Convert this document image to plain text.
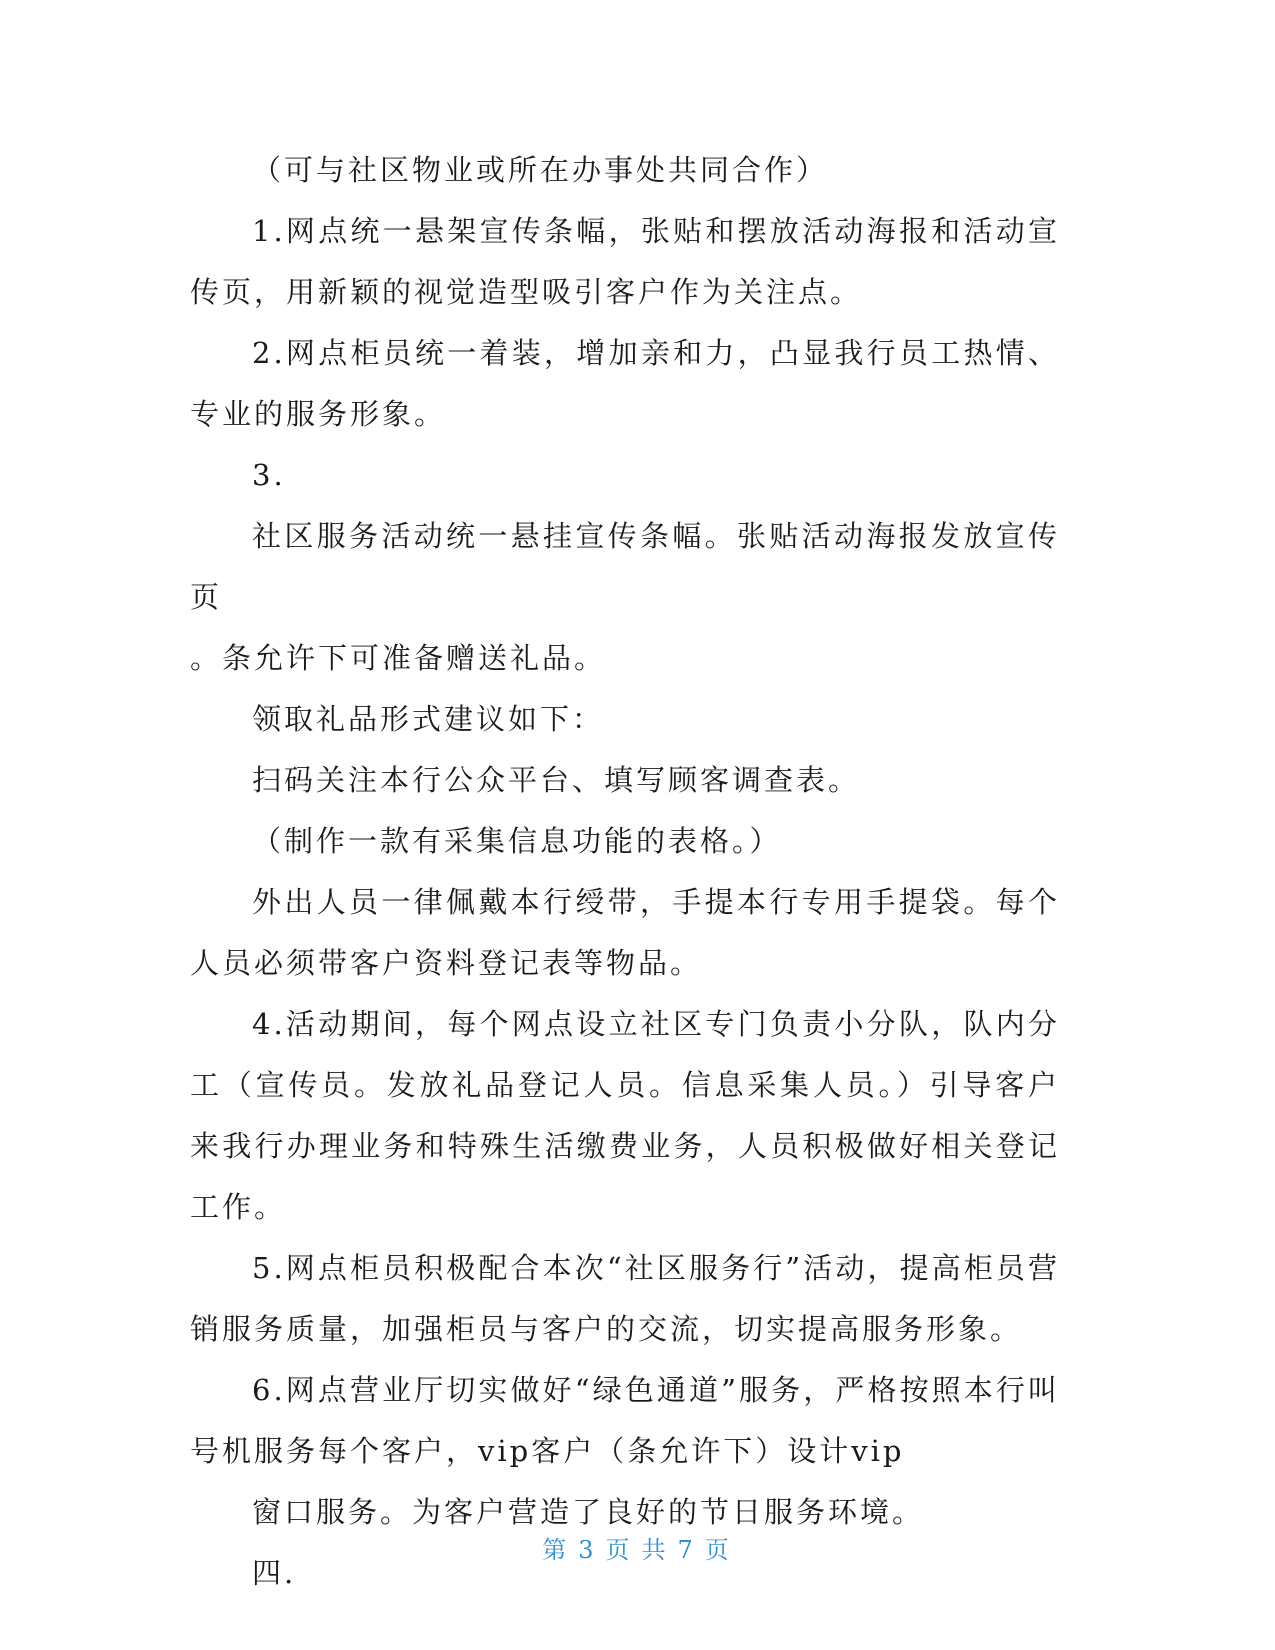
（可与社区物业或所在办事处共同合作）

1.网点统一悬架宣传条幅，张贴和摆放活动海报和活动宣传页，用新颖的视觉造型吸引客户作为关注点。

2.网点柜员统一着装，增加亲和力，凸显我行员工热情、专业的服务形象。

3.

社区服务活动统一悬挂宣传条幅。张贴活动海报发放宣传页

。条允许下可准备赠送礼品。

领取礼品形式建议如下：

扫码关注本行公众平台、填写顾客调查表。

（制作一款有采集信息功能的表格。）

外出人员一律佩戴本行绶带，手提本行专用手提袋。每个人员必须带客户资料登记表等物品。

4.活动期间，每个网点设立社区专门负责小分队，队内分工（宣传员。发放礼品登记人员。信息采集人员。）引导客户来我行办理业务和特殊生活缴费业务，人员积极做好相关登记工作。

5.网点柜员积极配合本次“社区服务行”活动，提高柜员营销服务质量，加强柜员与客户的交流，切实提高服务形象。

6.网点营业厅切实做好“绿色通道”服务，严格按照本行叫号机服务每个客户，vip客户（条允许下）设计vip

窗口服务。为客户营造了良好的节日服务环境。

四.

第 3 页 共 7 页
